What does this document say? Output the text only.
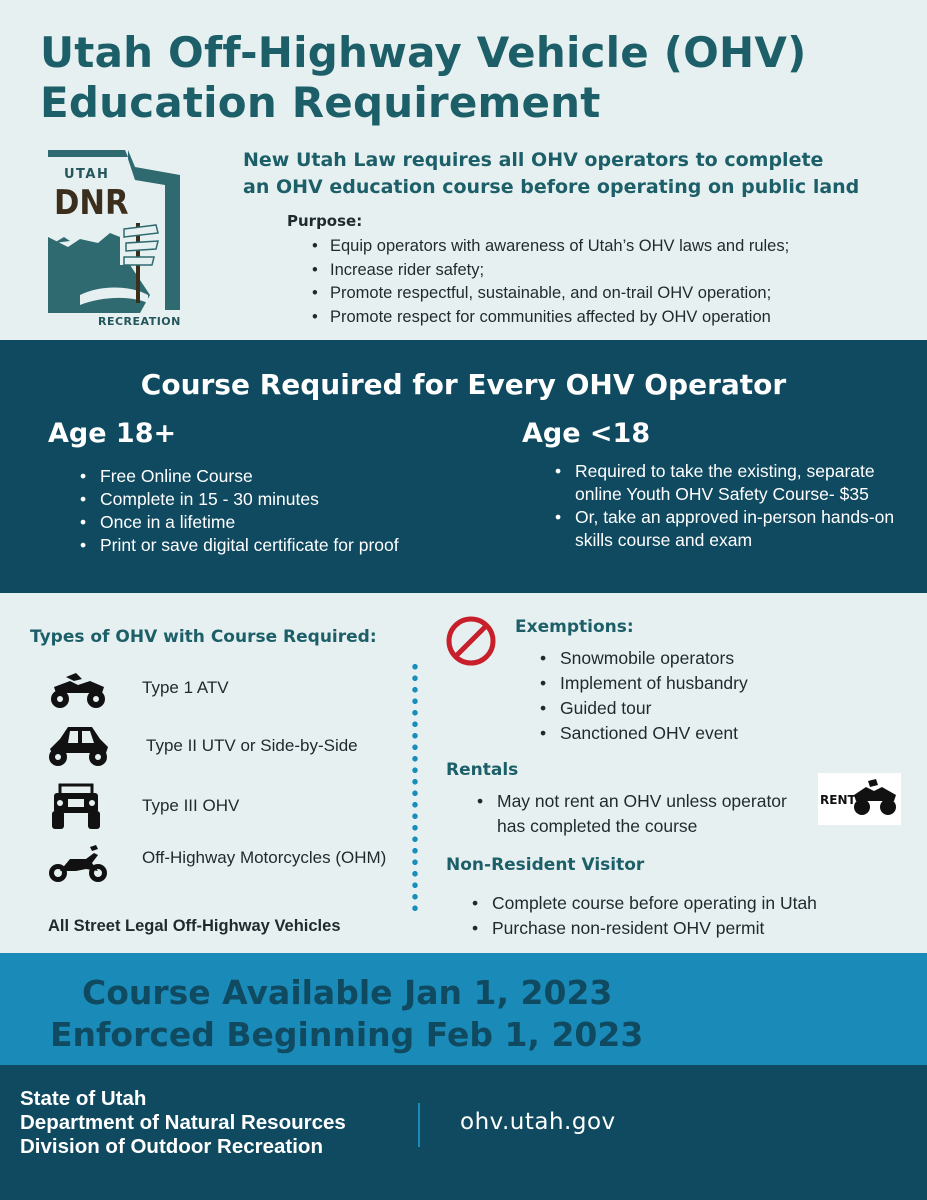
Utah Off-Highway Vehicle (OHV)
Education Requirement
UTAH
DNR
RECREATION
New Utah Law requires all OHV operators to complete
an OHV education course before operating on public land
Purpose:
• Equip operators with awareness of Utah’s OHV laws and rules;
• Increase rider safety;
• Promote respectful, sustainable, and on-trail OHV operation;
• Promote respect for communities affected by OHV operation
Course Required for Every OHV Operator
Age 18+
• Free Online Course
• Complete in 15 - 30 minutes
• Once in a lifetime
• Print or save digital certificate for proof
Age <18
• Required to take the existing, separate online Youth OHV Safety Course- $35
• Or, take an approved in-person hands-on skills course and exam
Types of OHV with Course Required:
Type 1 ATV
Type II UTV or Side-by-Side
Type III OHV
Off-Highway Motorcycles (OHM)
All Street Legal Off-Highway Vehicles
Exemptions:
• Snowmobile operators
• Implement of husbandry
• Guided tour
• Sanctioned OHV event
Rentals
• May not rent an OHV unless operator has completed the course
RENT
Non-Resident Visitor
• Complete course before operating in Utah
• Purchase non-resident OHV permit
Course Available Jan 1, 2023
Enforced Beginning Feb 1, 2023
State of Utah
Department of Natural Resources
Division of Outdoor Recreation
ohv.utah.gov
